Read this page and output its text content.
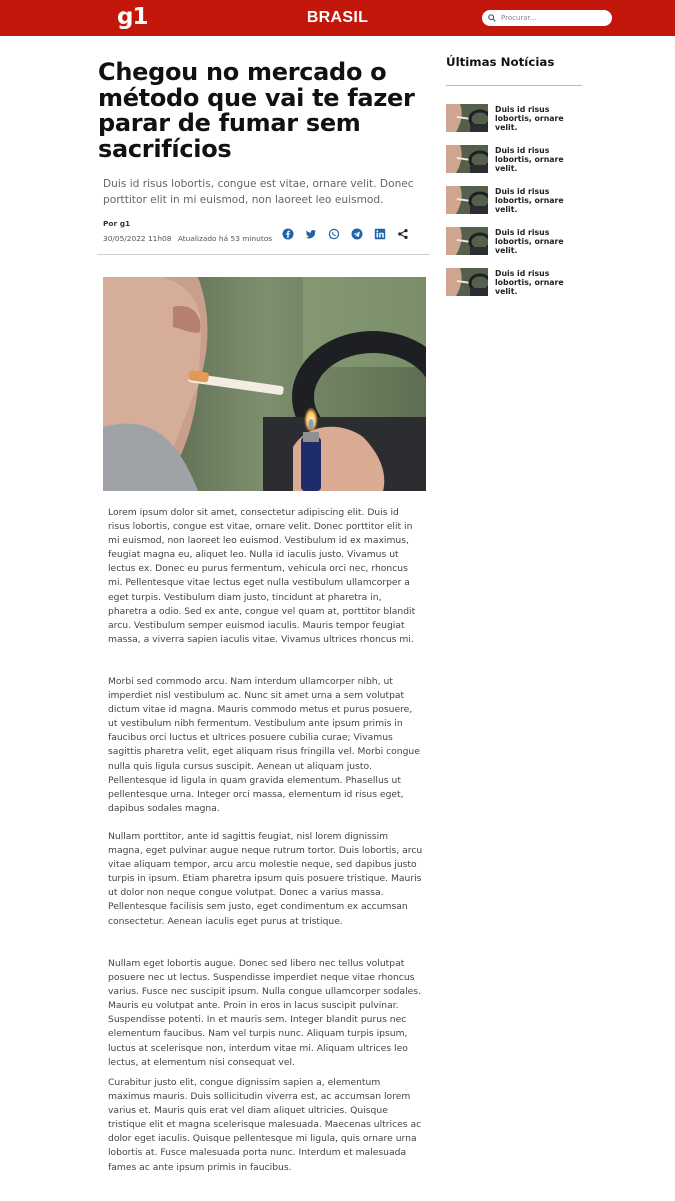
g1	BRASIL
Procurar...
Chegou no mercado o método que vai te fazer parar de fumar sem sacrifícios

Duis id risus lobortis, congue est vitae, ornare velit. Donec porttitor elit in mi euismod, non laoreet leo euismod.

Por g1
30/05/2022 11h08 Atualizado há 53 minutos

Lorem ipsum dolor sit amet, consectetur adipiscing elit. Duis id risus lobortis, congue est vitae, ornare velit. Donec porttitor elit in mi euismod, non laoreet leo euismod. Vestibulum id ex maximus, feugiat magna eu, aliquet leo. Nulla id iaculis justo. Vivamus ut lectus ex. Donec eu purus fermentum, vehicula orci nec, rhoncus mi. Pellentesque vitae lectus eget nulla vestibulum ullamcorper a eget turpis. Vestibulum diam justo, tincidunt at pharetra in, pharetra a odio. Sed ex ante, congue vel quam at, porttitor blandit arcu. Vestibulum semper euismod iaculis. Mauris tempor feugiat massa, a viverra sapien iaculis vitae. Vivamus ultrices rhoncus mi.

Morbi sed commodo arcu. Nam interdum ullamcorper nibh, ut imperdiet nisl vestibulum ac. Nunc sit amet urna a sem volutpat dictum vitae id magna. Mauris commodo metus et purus posuere, ut vestibulum nibh fermentum. Vestibulum ante ipsum primis in faucibus orci luctus et ultrices posuere cubilia curae; Vivamus sagittis pharetra velit, eget aliquam risus fringilla vel. Morbi congue nulla quis ligula cursus suscipit. Aenean ut aliquam justo. Pellentesque id ligula in quam gravida elementum. Phasellus ut pellentesque urna. Integer orci massa, elementum id risus eget, dapibus sodales magna.

Nullam porttitor, ante id sagittis feugiat, nisl lorem dignissim magna, eget pulvinar augue neque rutrum tortor. Duis lobortis, arcu vitae aliquam tempor, arcu arcu molestie neque, sed dapibus justo turpis in ipsum. Etiam pharetra ipsum quis posuere tristique. Mauris ut dolor non neque congue volutpat. Donec a varius massa. Pellentesque facilisis sem justo, eget condimentum ex accumsan consectetur. Aenean iaculis eget purus at tristique.

Nullam eget lobortis augue. Donec sed libero nec tellus volutpat posuere nec ut lectus. Suspendisse imperdiet neque vitae rhoncus varius. Fusce nec suscipit ipsum. Nulla congue ullamcorper sodales. Mauris eu volutpat ante. Proin in eros in lacus suscipit pulvinar. Suspendisse potenti. In et mauris sem. Integer blandit purus nec elementum faucibus. Nam vel turpis nunc. Aliquam turpis ipsum, luctus at scelerisque non, interdum vitae mi. Aliquam ultrices leo lectus, at elementum nisi consequat vel.

Curabitur justo elit, congue dignissim sapien a, elementum maximus mauris. Duis sollicitudin viverra est, ac accumsan lorem varius et. Mauris quis erat vel diam aliquet ultricies. Quisque tristique elit et magna scelerisque malesuada. Maecenas ultrices ac dolor eget iaculis. Quisque pellentesque mi ligula, quis ornare urna lobortis at. Fusce malesuada porta nunc. Interdum et malesuada fames ac ante ipsum primis in faucibus.

Últimas Notícias
Duis id risus lobortis, ornare velit.
Duis id risus lobortis, ornare velit.
Duis id risus lobortis, ornare velit.
Duis id risus lobortis, ornare velit.
Duis id risus lobortis, ornare velit.
